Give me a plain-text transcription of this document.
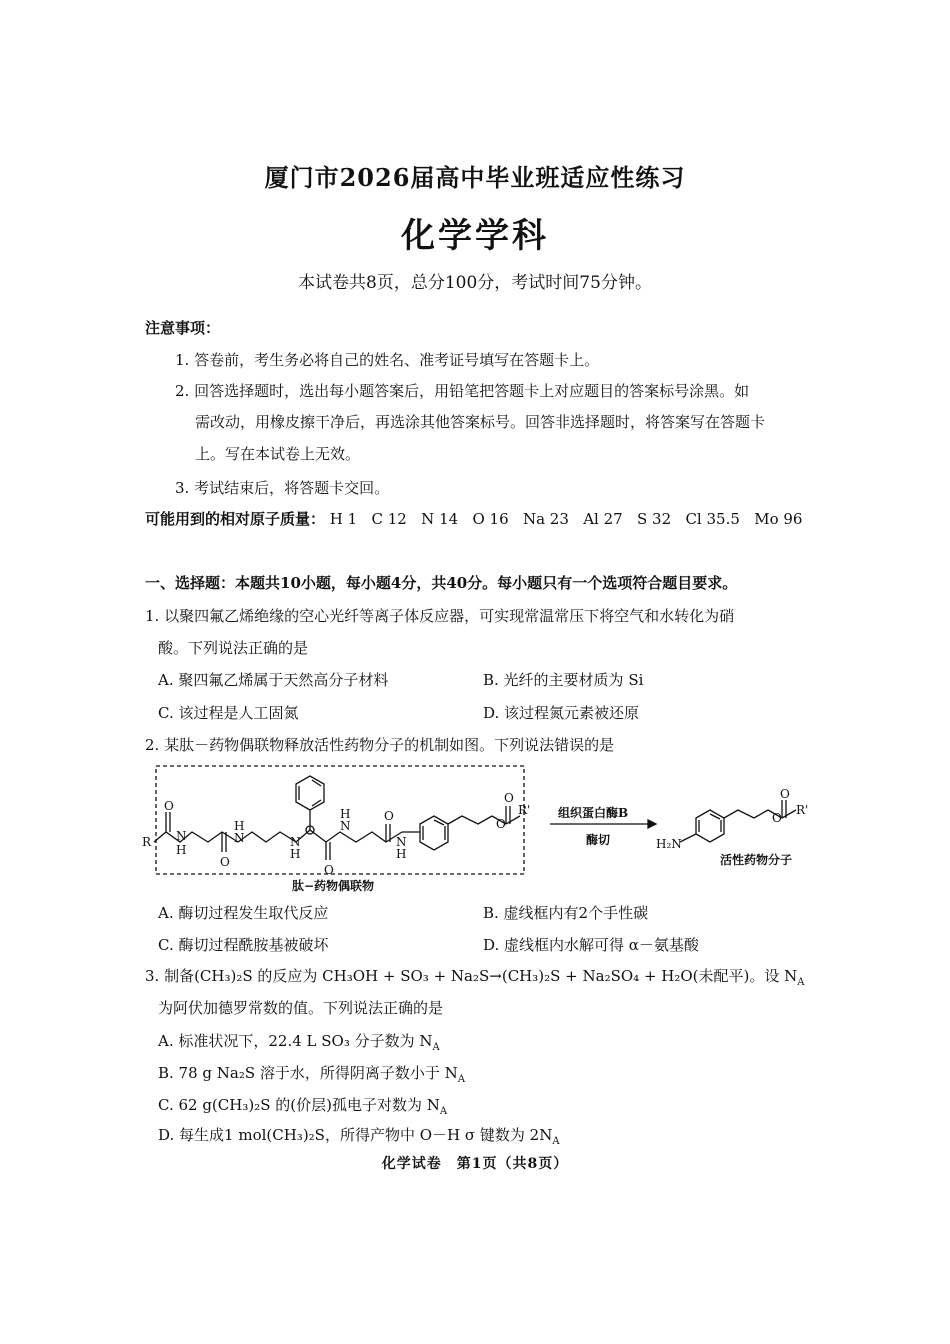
厦门市2026届高中毕业班适应性练习
化学学科
本试卷共8页，总分100分，考试时间75分钟。
注意事项：
1. 答卷前，考生务必将自己的姓名、准考证号填写在答题卡上。
2. 回答选择题时，选出每小题答案后，用铅笔把答题卡上对应题目的答案标号涂黑。如
需改动，用橡皮擦干净后，再选涂其他答案标号。回答非选择题时，将答案写在答题卡
上。写在本试卷上无效。
3. 考试结束后，将答题卡交回。
可能用到的相对原子质量： H 1 C 12 N 14 O 16 Na 23 Al 27 S 32 Cl 35.5 Mo 96
一、选择题：本题共10小题，每小题4分，共40分。每小题只有一个选项符合题目要求。
1. 以聚四氟乙烯绝缘的空心光纤等离子体反应器，可实现常温常压下将空气和水转化为硝
酸。下列说法正确的是
A. 聚四氟乙烯属于天然高分子材料	B. 光纤的主要材质为 Si
C. 该过程是人工固氮	D. 该过程氮元素被还原
2. 某肽－药物偶联物释放活性药物分子的机制如图。下列说法错误的是
R
O
N
H
O
H
N	N
H
O
N
H	O
N
H
O
O
R' 组织蛋白酶B
酶切	H₂N
O
O
R'
活性药物分子
肽−药物偶联物
A. 酶切过程发生取代反应	B. 虚线框内有2个手性碳
C. 酶切过程酰胺基被破坏	D. 虚线框内水解可得 α－氨基酸
3. 制备(CH₃)₂S 的反应为 CH₃OH + SO₃ + Na₂S→(CH₃)₂S + Na₂SO₄ + H₂O(未配平)。设 $N_A$
为阿伏加德罗常数的值。下列说法正确的是
A. 标准状况下，22.4 L SO₃ 分子数为 $N_A$
B. 78 g Na₂S 溶于水，所得阴离子数小于 $N_A$
C. 62 g(CH₃)₂S 的(价层)孤电子对数为 $N_A$
D. 每生成1 mol(CH₃)₂S，所得产物中 O－H σ 键数为 $2N_A$
化学试卷　第1页（共8页）
